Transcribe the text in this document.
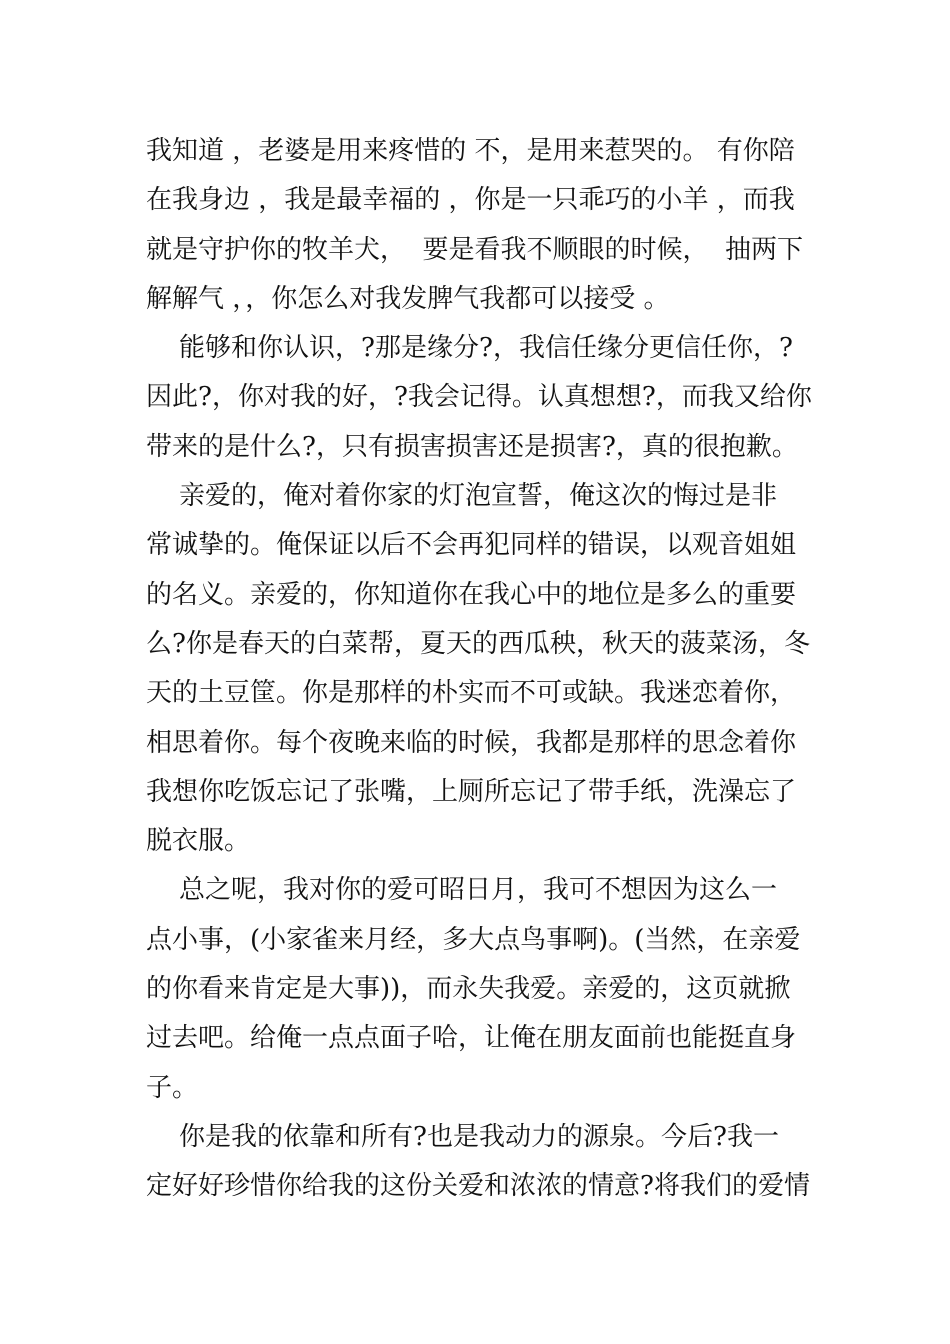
我知道 ，老婆是用来疼惜的 不，是用来惹哭的。 有你陪
在我身边 ，我是最幸福的 ，你是一只乖巧的小羊 ，而我
就是守护你的牧羊犬，  要是看我不顺眼的时候，  抽两下
解解气 ，，你怎么对我发脾气我都可以接受 。
能够和你认识，?那是缘分?，我信任缘分更信任你，?
因此?，你对我的好，?我会记得。认真想想?，而我又给你
带来的是什么?，只有损害损害还是损害?，真的很抱歉。
亲爱的，俺对着你家的灯泡宣誓，俺这次的悔过是非
常诚挚的。俺保证以后不会再犯同样的错误，以观音姐姐
的名义。亲爱的，你知道你在我心中的地位是多么的重要
么?你是春天的白菜帮，夏天的西瓜秧，秋天的菠菜汤，冬
天的土豆筐。你是那样的朴实而不可或缺。我迷恋着你，
相思着你。每个夜晚来临的时候，我都是那样的思念着你
我想你吃饭忘记了张嘴，上厕所忘记了带手纸，洗澡忘了
脱衣服。
总之呢，我对你的爱可昭日月，我可不想因为这么一
点小事，(小家雀来月经，多大点鸟事啊)。(当然，在亲爱
的你看来肯定是大事))，而永失我爱。亲爱的，这页就掀
过去吧。给俺一点点面子哈，让俺在朋友面前也能挺直身
子。
你是我的依靠和所有?也是我动力的源泉。今后?我一
定好好珍惜你给我的这份关爱和浓浓的情意?将我们的爱情
